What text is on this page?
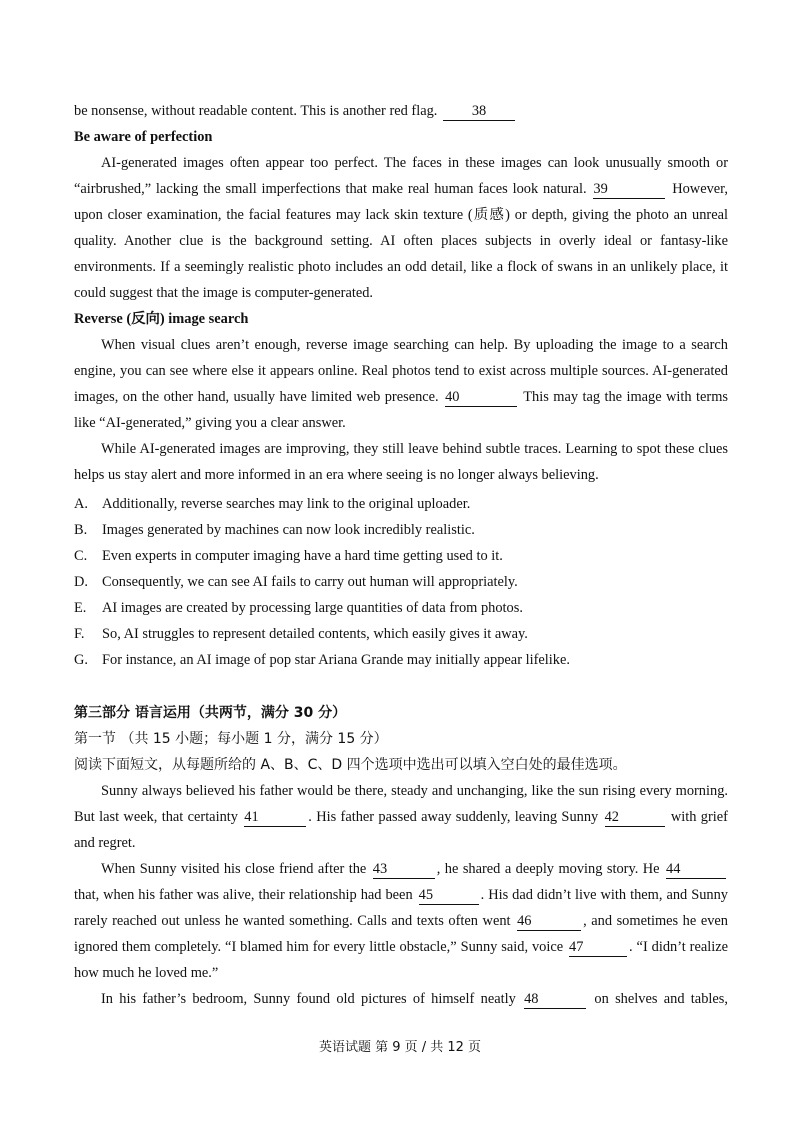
be nonsense, without readable content. This is another red flag. 38
Be aware of perfection
AI-generated images often appear too perfect. The faces in these images can look unusually smooth or
“airbrushed,” lacking the small imperfections that make real human faces look natural. 39	However,
upon closer examination, the facial features may lack skin texture (质感) or depth, giving the photo an unreal
quality. Another clue is the background setting. AI often places subjects in overly ideal or fantasy-like
environments. If a seemingly realistic photo includes an odd detail, like a flock of swans in an unlikely place, it
could suggest that the image is computer-generated.
Reverse (反向) image search
When visual clues aren’t enough, reverse image searching can help. By uploading the image to a search
engine, you can see where else it appears online. Real photos tend to exist across multiple sources. AI-generated
images, on the other hand, usually have limited web presence. 40	This may tag the image with terms
like “AI-generated,” giving you a clear answer.
While AI-generated images are improving, they still leave behind subtle traces. Learning to spot these clues
helps us stay alert and more informed in an era where seeing is no longer always believing.
A. Additionally, reverse searches may link to the original uploader.
B. Images generated by machines can now look incredibly realistic.
C. Even experts in computer imaging have a hard time getting used to it.
D. Consequently, we can see AI fails to carry out human will appropriately.
E. AI images are created by processing large quantities of data from photos.
F. So, AI struggles to represent detailed contents, which easily gives it away.
G. For instance, an AI image of pop star Ariana Grande may initially appear lifelike.
第三部分 语言运用（共两节，满分 30 分）
第一节 （共 15 小题；每小题 1 分，满分 15 分）
阅读下面短文，从每题所给的 A、B、C、D 四个选项中选出可以填入空白处的最佳选项。
Sunny always believed his father would be there, steady and unchanging, like the sun rising every morning.
But last week, that certainty 41	. His father passed away suddenly, leaving Sunny 42	with grief
and regret.
When Sunny visited his close friend after the 43	, he shared a deeply moving story. He 44
that, when his father was alive, their relationship had been 45	. His dad didn’t live with them, and Sunny
rarely reached out unless he wanted something. Calls and texts often went 46	, and sometimes he even
ignored them completely. “I blamed him for every little obstacle,” Sunny said, voice 47	. “I didn’t realize
how much he loved me.”
In his father’s bedroom, Sunny found old pictures of himself neatly 48	on shelves and tables,
英语试题 第 9 页 / 共 12 页
